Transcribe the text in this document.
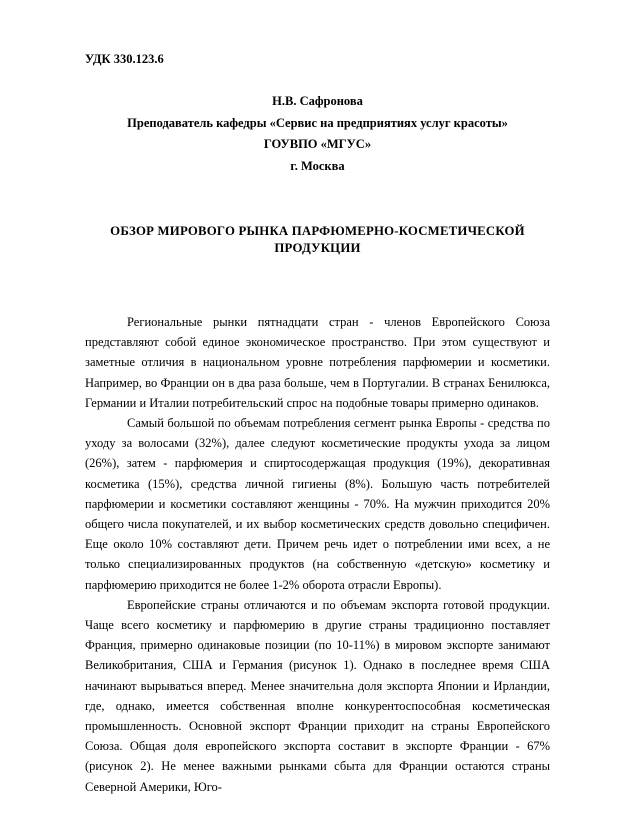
УДК 330.123.6
Н.В. Сафронова
Преподаватель кафедры «Сервис на предприятиях услуг красоты»
ГОУВПО «МГУС»
г. Москва
ОБЗОР МИРОВОГО РЫНКА ПАРФЮМЕРНО-КОСМЕТИЧЕСКОЙ ПРОДУКЦИИ

Региональные рынки пятнадцати стран - членов Европейского Союза представляют собой единое экономическое пространство. При этом существуют и заметные отличия в национальном уровне потребления парфюмерии и косметики. Например, во Франции он в два раза больше, чем в Португалии. В странах Бенилюкса, Германии и Италии потребительский спрос на подобные товары примерно одинаков.

Самый большой по объемам потребления сегмент рынка Европы - средства по уходу за волосами (32%), далее следуют косметические продукты ухода за лицом (26%), затем - парфюмерия и спиртосодержащая продукция (19%), декоративная косметика (15%), средства личной гигиены (8%). Большую часть потребителей парфюмерии и косметики составляют женщины - 70%. На мужчин приходится 20% общего числа покупателей, и их выбор косметических средств довольно специфичен. Еще около 10% составляют дети. Причем речь идет о потреблении ими всех, а не только специализированных продуктов (на собственную «детскую» косметику и парфюмерию приходится не более 1-2% оборота отрасли Европы).

Европейские страны отличаются и по объемам экспорта готовой продукции. Чаще всего косметику и парфюмерию в другие страны традиционно поставляет Франция, примерно одинаковые позиции (по 10-11%) в мировом экспорте занимают Великобритания, США и Германия (рисунок 1). Однако в последнее время США начинают вырываться вперед. Менее значительна доля экспорта Японии и Ирландии, где, однако, имеется собственная вполне конкурентоспособная косметическая промышленность. Основной экспорт Франции приходит на страны Европейского Союза. Общая доля европейского экспорта составит в экспорте Франции - 67% (рисунок 2). Не менее важными рынками сбыта для Франции остаются страны Северной Америки, Юго-
